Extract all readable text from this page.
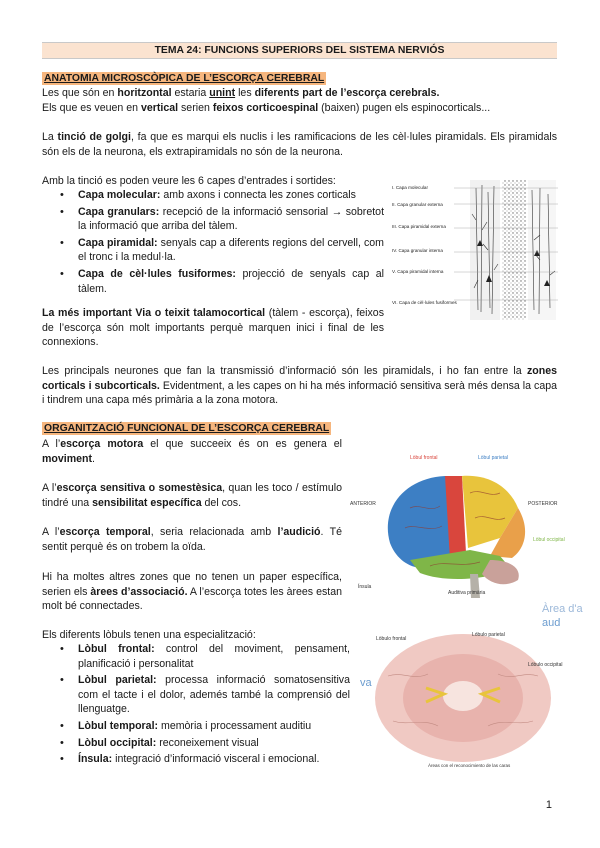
TEMA 24: FUNCIONS SUPERIORS DEL SISTEMA NERVIÓS
ANATOMIA MICROSCÒPICA DE L’ESCORÇA CEREBRAL

Les que són en horitzontal estaria unint les diferents part de l’escorça cerebrals.

Els que es veuen en vertical serien feixos corticoespinal (baixen) pugen els espinocorticals...

La tinció de golgi, fa que es marqui els nuclis i les ramificacions de les cèl·lules piramidals. Els piramidals són els de la neurona, els extrapiramidals no són de la neurona.

Amb la tinció es poden veure les 6 capes d’entrades i sortides:

• Capa molecular: amb axons i connecta les zones corticals
• Capa granulars: recepció de la informació sensorial → sobretot la informació que arriba del tàlem.
• Capa piramidal: senyals cap a diferents regions del cervell, com el tronc i la medul·la.
• Capa de cèl·lules fusiformes: projecció de senyals cap al tàlem.
I. Capa molecular
II. Capa granular externa
III. Capa piramidal externa
IV. Capa granular interna
V. Capa piramidal interna
VI. Capa de cèl·lules fusiformes

La més important Via o teixit talamocortical (tàlem - escorça), feixos de l’escorça són molt importants perquè marquen inici i final de les connexions.

Les principals neurones que fan la transmissió d’informació són les piramidals, i ho fan entre la zones corticals i subcorticals. Evidentment, a les capes on hi ha més informació sensitiva serà més densa la capa i tindrem una capa més primària a la zona motora.

ORGANITZACIÓ FUNCIONAL DE L’ESCORÇA CEREBRAL

A l’escorça motora el que succeeix és on es genera el moviment.

A l’escorça sensitiva o somestèsica, quan les toco / estímulo tindré una sensibilitat específica del cos.

A l’escorça temporal, seria relacionada amb l’audició. Té sentit perquè és on trobem la oïda.

Hi ha moltes altres zones que no tenen un paper específica, serien els àrees d’associació. A l’escorça totes les àrees estan molt bé connectades.

Els diferents lòbuls tenen una especialització:

• Lòbul frontal: control del moviment, pensament, planificació i personalitat
• Lòbul parietal: processa informació somatosensitiva com el tacte i el dolor, ademés també la comprensió del llenguatge.
• Lòbul temporal: memòria i processament auditiu
• Lòbul occipital: reconeixement visual
• Ínsula: integració d’informació visceral i emocional.
Lòbul frontal	Lòbul parietal
ANTERIOR	POSTERIOR
Lòbul occipital
Ínsula
Auditiva primària
Àrea d'a
aud
va
Lòbulo frontal
Lóbulo parietal
Lóbulo occipital
Àreas con el reconocimiento de las caras
1
